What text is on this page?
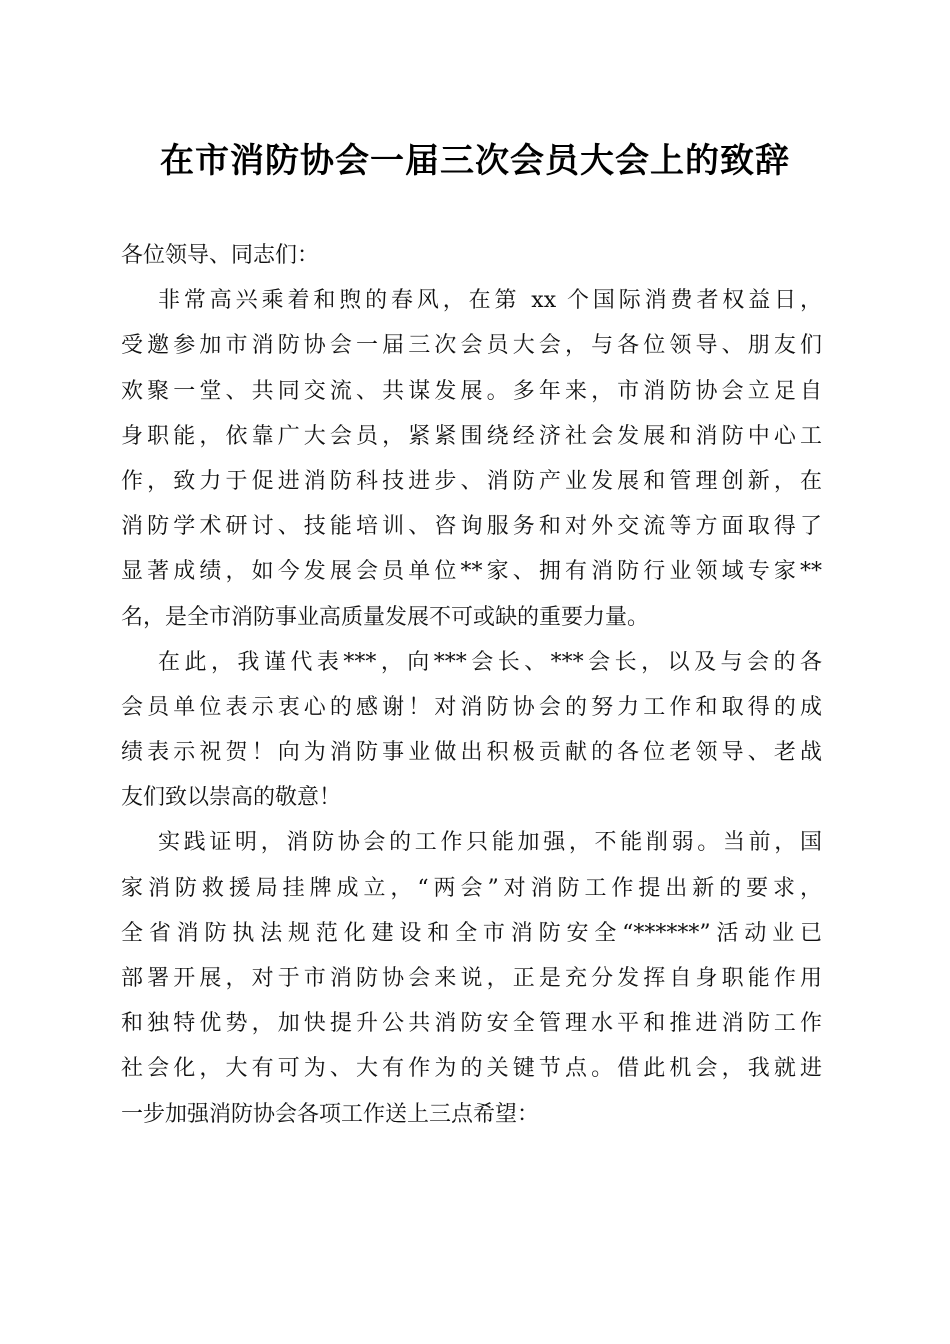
在市消防协会一届三次会员大会上的致辞
各位领导、同志们：
非常高兴乘着和煦的春风，在第 xx 个国际消费者权益日，
受邀参加市消防协会一届三次会员大会，与各位领导、朋友们
欢聚一堂、共同交流、共谋发展。多年来，市消防协会立足自
身职能，依靠广大会员，紧紧围绕经济社会发展和消防中心工
作，致力于促进消防科技进步、消防产业发展和管理创新，在
消防学术研讨、技能培训、咨询服务和对外交流等方面取得了
显著成绩，如今发展会员单位**家、拥有消防行业领域专家**
名，是全市消防事业高质量发展不可或缺的重要力量。
在此，我谨代表***，向***会长、***会长，以及与会的各
会员单位表示衷心的感谢！对消防协会的努力工作和取得的成
绩表示祝贺！向为消防事业做出积极贡献的各位老领导、老战
友们致以崇高的敬意！
实践证明，消防协会的工作只能加强，不能削弱。当前，国
家消防救援局挂牌成立，“两会”对消防工作提出新的要求，
全省消防执法规范化建设和全市消防安全“******”活动业已
部署开展，对于市消防协会来说，正是充分发挥自身职能作用
和独特优势，加快提升公共消防安全管理水平和推进消防工作
社会化，大有可为、大有作为的关键节点。借此机会，我就进
一步加强消防协会各项工作送上三点希望：
